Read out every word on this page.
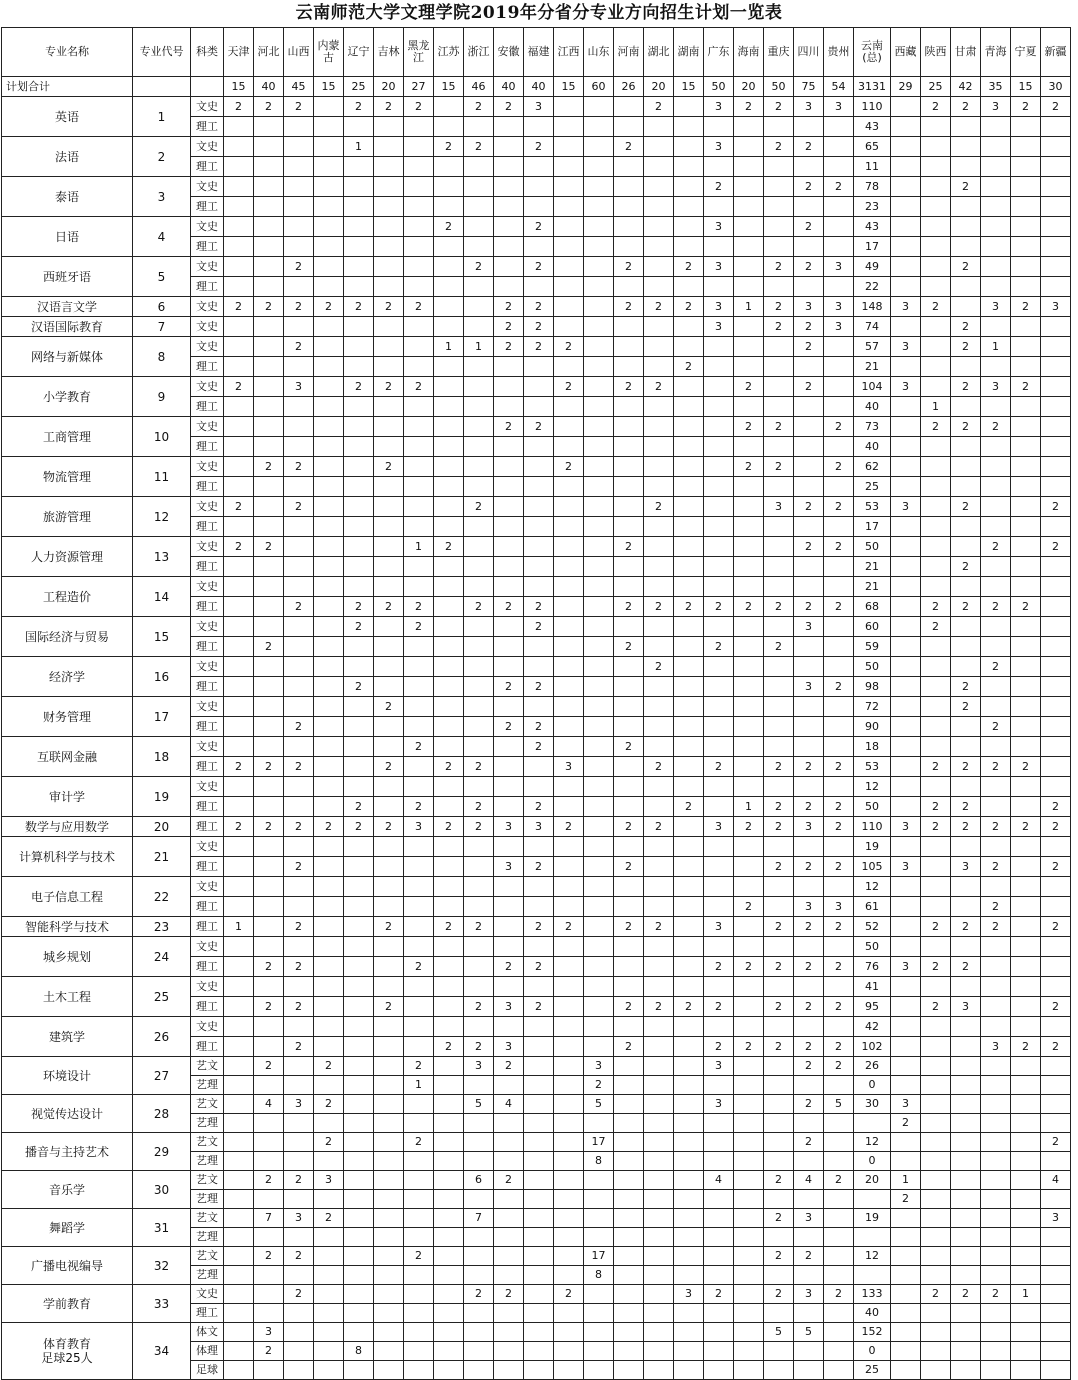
云南师范大学文理学院2019年分省分专业方向招生计划一览表
专业名称	专业代号	科类	天津	河北	山西	内蒙古	辽宁	吉林	黑龙江	江苏	浙江	安徽	福建	江西	山东	河南	湖北	湖南	广东	海南	重庆	四川	贵州	云南(总)	西藏	陕西	甘肃	青海	宁夏	新疆
计划合计			15	40	45	15	25	20	27	15	46	40	40	15	60	26	20	15	50	20	50	75	54	3131	29	25	42	35	15	30
英语	1	文史	2	2	2		2	2	2		2	2	3				2		3	2	2	3	3	110		2	2	3	2	2
		理工																						43						
法语	2	文史					1			2	2		2			2			3		2	2		65						
		理工																						11						
泰语	3	文史																	2			2	2	78			2			
		理工																						23						
日语	4	文史								2			2						3			2		43						
		理工																						17						
西班牙语	5	文史			2						2		2			2		2	3		2	2	3	49			2			
		理工																						22						
汉语言文学	6	文史	2	2	2	2	2	2	2			2	2			2	2	2	3	1	2	3	3	148	3	2		3	2	3
汉语国际教育	7	文史										2	2						3		2	2	3	74			2			
网络与新媒体	8	文史			2					1	1	2	2	2								2		57	3		2	1		
		理工																2						21						
小学教育	9	文史	2		3		2	2	2					2		2	2			2		2		104	3		2	3	2	
		理工																						40		1				
工商管理	10	文史										2	2							2	2		2	73		2	2	2		
		理工																						40						
物流管理	11	文史		2	2			2						2						2	2		2	62						
		理工																						25						
旅游管理	12	文史	2		2						2						2				3	2	2	53	3		2			2
		理工																						17						
人力资源管理	13	文史	2	2					1	2						2						2	2	50				2		2
		理工																						21			2			
工程造价	14	文史																						21						
		理工			2		2	2	2		2	2	2			2	2	2	2	2	2	2	2	68		2	2	2	2	
国际经济与贸易	15	文史					2		2				2									3		60		2				
		理工		2												2			2		2			59						
经济学	16	文史															2							50				2		
		理工					2					2	2									3	2	98			2			
财务管理	17	文史						2																72			2			
		理工			2							2	2											90				2		
互联网金融	18	文史							2				2			2								18						
		理工	2	2	2			2		2	2			3			2		2		2	2	2	53		2	2	2	2	
审计学	19	文史																						12						
		理工					2		2		2		2					2		1	2	2	2	50		2	2			2
数学与应用数学	20	理工	2	2	2	2	2	2	3	2	2	3	3	2		2	2		3	2	2	3	2	110	3	2	2	2	2	2
计算机科学与技术	21	文史																						19						
		理工			2							3	2			2					2	2	2	105	3		3	2		2
电子信息工程	22	文史																						12						
		理工																		2		3	3	61				2		
智能科学与技术	23	理工	1		2			2		2	2		2	2		2	2		3		2	2	2	52		2	2	2		2
城乡规划	24	文史																						50						
		理工		2	2				2			2	2						2	2	2	2	2	76	3	2	2			
土木工程	25	文史																						41						
		理工		2	2			2			2	3	2			2	2	2	2		2	2	2	95		2	3			2
建筑学	26	文史																						42						
		理工			2					2	2	3				2			2	2	2	2	2	102				3	2	2
环境设计	27	艺文		2		2			2		3	2			3				3			2	2	26						
		艺理							1						2									0						
视觉传达设计	28	艺文		4	3	2					5	4			5				3			2	5	30	3					
		艺理																							2					
播音与主持艺术	29	艺文				2			2						17							2		12						2
		艺理													8									0						
音乐学	30	艺文		2	2	3					6	2							4		2	4	2	20	1					4
		艺理																							2					
舞蹈学	31	艺文		7	3	2					7										2	3		19						3
		艺理																												
广播电视编导	32	艺文		2	2				2						17						2	2		12						
		艺理													8															
学前教育	33	文史			2						2	2		2				3	2		2	3	2	133		2	2	2	1	
		理工																						40						

体育教育
足球25人	34	体文		3																	5	5		152						
		体理		2			8																	0						
		足球																						25						
